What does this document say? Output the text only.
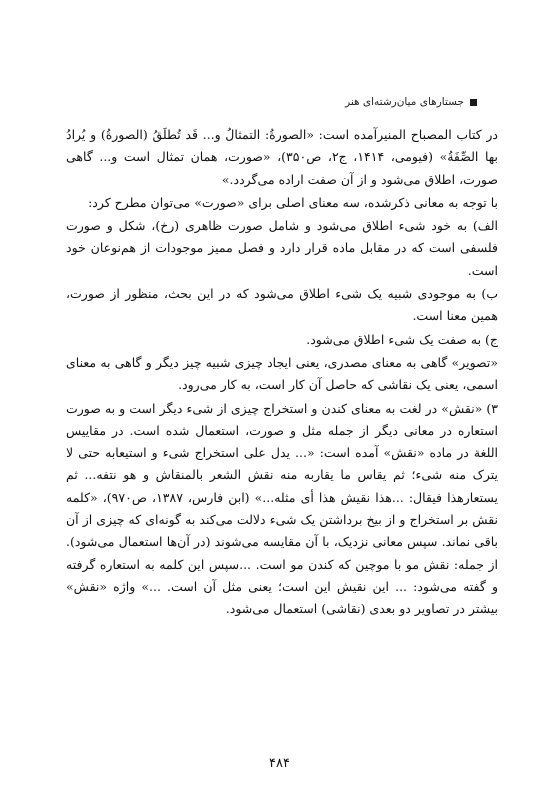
جستارهای میان‌رشته‌ای هنر

در کتاب المصباح المنیرآمده است: «الصورةُ: التمثالُ و... قَد تُطلَقُ (الصورةُ) و یُرادُ بها الصِّفَةُ» (فیومی، ۱۴۱۴، ج۲، ص۳۵۰)، «صورت، همان تمثال است و... گاهی صورت، اطلاق می‌شود و از آن صفت اراده می‌گردد.»

با توجه به معانی ذکرشده، سه معنای اصلی برای «صورت» می‌توان مطرح کرد:

الف) به خود شیء اطلاق می‌شود و شامل صورت ظاهری (رخ)، شکل و صورت فلسفی است که در مقابل ماده قرار دارد و فصل ممیز موجودات از هم‌نوعان خود است.

ب) به موجودی شبیه یک شیء اطلاق می‌شود که در این بحث، منظور از صورت، همین معنا است.

ج) به صفت یک شیء اطلاق می‌شود.

«تصویر» گاهی به معنای مصدری، یعنی ایجاد چیزی شبیه چیز دیگر و گاهی به معنای اسمی، یعنی یک نقاشی که حاصل آن کار است، به کار می‌رود.

۳) «نقش» در لغت به معنای کندن و استخراج چیزی از شیء دیگر است و به صورت استعاره در معانی دیگر از جمله مثل و صورت، استعمال شده است. در مقاییس اللغة در ماده «نقش» آمده است: «... یدل علی استخراج شیء و استیعابه حتی لا یترک منه شیء؛ ثم یقاس ما یقاربه منه نقش الشعر بالمنقاش و هو نتفه... ثم یستعارهذا فیقال: ...هذا نقیش هذا أی مثله...» (ابن فارس، ۱۳۸۷، ص۹۷۰)، «کلمه نقش بر استخراج و از بیخ برداشتن یک شیء دلالت می‌کند به گونه‌ای که چیزی از آن باقی نماند. سپس معانی نزدیک، با آن مقایسه می‌شوند (در آن‌ها استعمال می‌شود). از جمله: نقش مو با موچین که کندن مو است. ...سپس این کلمه به استعاره گرفته و گفته می‌شود: ... این نقیش این است؛ یعنی مثل آن است. ...» واژه «نقش» بیشتر در تصاویر دو بعدی (نقاشی) استعمال می‌شود.

۴۸۴
